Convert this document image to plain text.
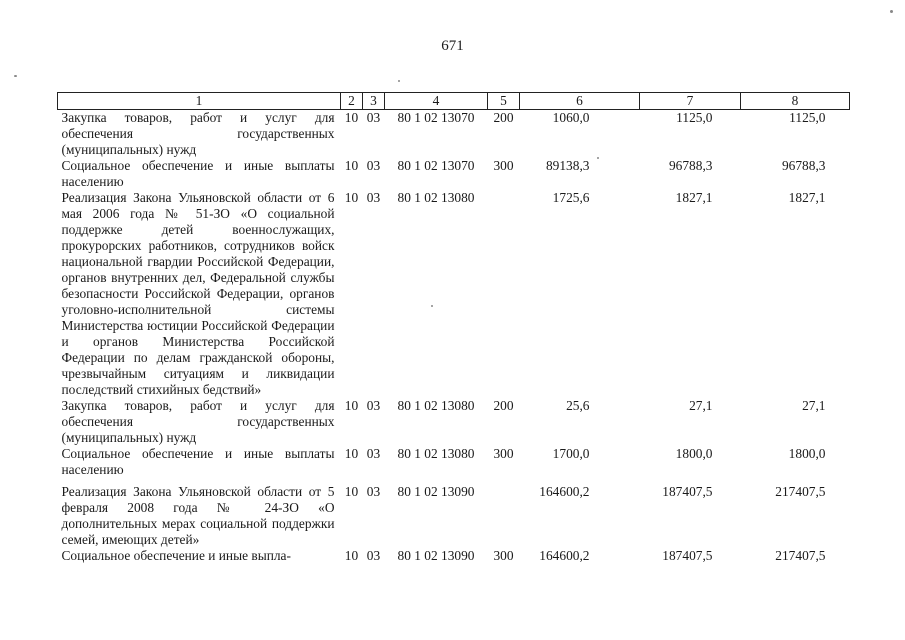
671
1	2	3	4	5	6	7	8
Закупка товаров, работ и услуг для обеспечения государственных (муниципальных) нужд	10	03	80 1 02 13070	200	1060,0	1125,0	1125,0
Социальное обеспечение и иные выплаты населению	10	03	80 1 02 13070	300	89138,3	96788,3	96788,3
Реализация Закона Ульяновской области от 6 мая 2006 года № 51-ЗО «О социальной поддержке детей военнослужащих, прокурорских работников, сотрудников войск национальной гвардии Российской Федерации, органов внутренних дел, Федеральной службы безопасности Российской Федерации, органов уголовно-исполнительной системы Министерства юстиции Российской Федерации и органов Министерства Российской Федерации по делам гражданской обороны, чрезвычайным ситуациям и ликвидации последствий стихийных бедствий»	10	03	80 1 02 13080		1725,6	1827,1	1827,1
Закупка товаров, работ и услуг для обеспечения государственных (муниципальных) нужд	10	03	80 1 02 13080	200	25,6	27,1	27,1
Социальное обеспечение и иные выплаты населению	10	03	80 1 02 13080	300	1700,0	1800,0	1800,0
Реализация Закона Ульяновской области от 5 февраля 2008 года № 24-ЗО «О дополнительных мерах социальной поддержки семей, имеющих детей»	10	03	80 1 02 13090		164600,2	187407,5	217407,5
Социальное обеспечение и иные выпла-	10	03	80 1 02 13090	300	164600,2	187407,5	217407,5
